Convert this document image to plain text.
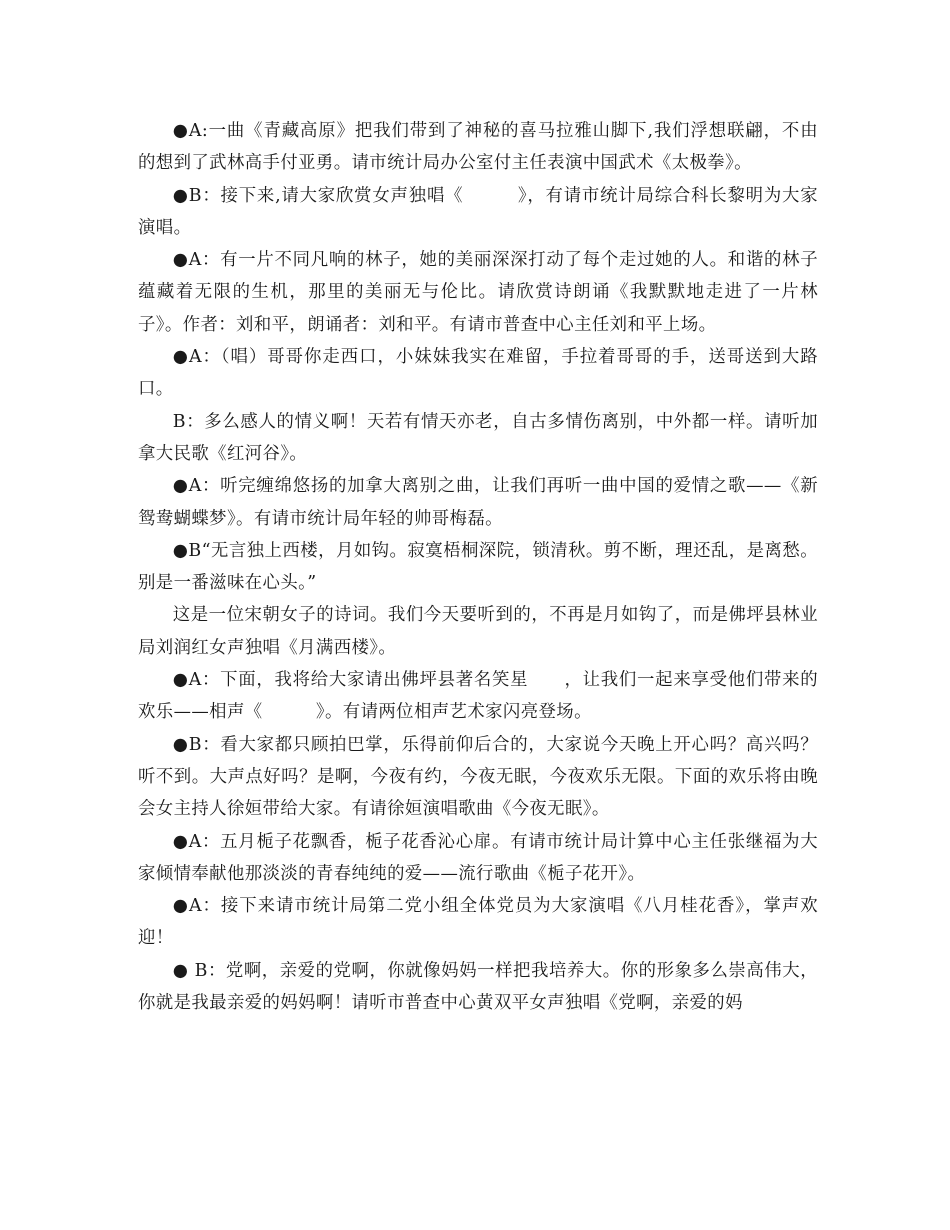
●A:一曲《青藏高原》把我们带到了神秘的喜马拉雅山脚下,我们浮想联翩，不由的想到了武林高手付亚勇。请市统计局办公室付主任表演中国武术《太极拳》。

●B：接下来,请大家欣赏女声独唱《　　　》，有请市统计局综合科长黎明为大家演唱。

●A：有一片不同凡响的林子，她的美丽深深打动了每个走过她的人。和谐的林子蕴藏着无限的生机，那里的美丽无与伦比。请欣赏诗朗诵《我默默地走进了一片林子》。作者：刘和平，朗诵者：刘和平。有请市普查中心主任刘和平上场。

●A：（唱）哥哥你走西口，小妹妹我实在难留，手拉着哥哥的手，送哥送到大路口。

B：多么感人的情义啊！天若有情天亦老，自古多情伤离别，中外都一样。请听加拿大民歌《红河谷》。

●A：听完缠绵悠扬的加拿大离别之曲，让我们再听一曲中国的爱情之歌——《新鸳鸯蝴蝶梦》。有请市统计局年轻的帅哥梅磊。

●B“无言独上西楼，月如钩。寂寞梧桐深院，锁清秋。剪不断，理还乱，是离愁。别是一番滋味在心头。”

这是一位宋朝女子的诗词。我们今天要听到的，不再是月如钩了，而是佛坪县林业局刘润红女声独唱《月满西楼》。

●A：下面，我将给大家请出佛坪县著名笑星　　，让我们一起来享受他们带来的欢乐——相声《　　　》。有请两位相声艺术家闪亮登场。

●B：看大家都只顾拍巴掌，乐得前仰后合的，大家说今天晚上开心吗？高兴吗？ 听不到。大声点好吗？是啊，今夜有约，今夜无眠，今夜欢乐无限。下面的欢乐将由晚会女主持人徐姮带给大家。有请徐姮演唱歌曲《今夜无眠》。

●A：五月栀子花飘香，栀子花香沁心扉。有请市统计局计算中心主任张继福为大家倾情奉献他那淡淡的青春纯纯的爱——流行歌曲《栀子花开》。

●A：接下来请市统计局第二党小组全体党员为大家演唱《八月桂花香》，掌声欢迎！

● B：党啊，亲爱的党啊，你就像妈妈一样把我培养大。你的形象多么崇高伟大，你就是我最亲爱的妈妈啊！请听市普查中心黄双平女声独唱《党啊，亲爱的妈
